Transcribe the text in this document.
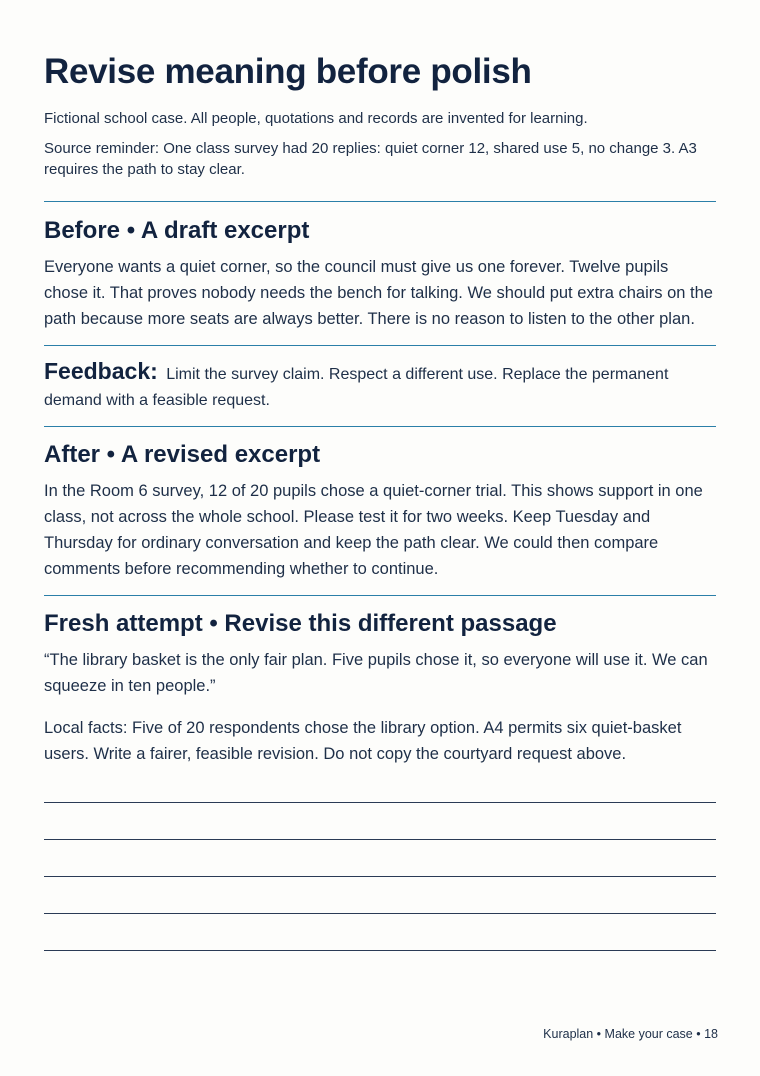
Revise meaning before polish

Fictional school case. All people, quotations and records are invented for learning.

Source reminder: One class survey had 20 replies: quiet corner 12, shared use 5, no change 3. A3 requires the path to stay clear.

Before • A draft excerpt

Everyone wants a quiet corner, so the council must give us one forever. Twelve pupils chose it. That proves nobody needs the bench for talking. We should put extra chairs on the path because more seats are always better. There is no reason to listen to the other plan.

Feedback: Limit the survey claim. Respect a different use. Replace the permanent demand with a feasible request.
After • A revised excerpt

In the Room 6 survey, 12 of 20 pupils chose a quiet-corner trial. This shows support in one class, not across the whole school. Please test it for two weeks. Keep Tuesday and Thursday for ordinary conversation and keep the path clear. We could then compare comments before recommending whether to continue.

Fresh attempt • Revise this different passage

“The library basket is the only fair plan. Five pupils chose it, so everyone will use it. We can squeeze in ten people.”

Local facts: Five of 20 respondents chose the library option. A4 permits six quiet-basket users. Write a fairer, feasible revision. Do not copy the courtyard request above.

Kuraplan • Make your case • 18
